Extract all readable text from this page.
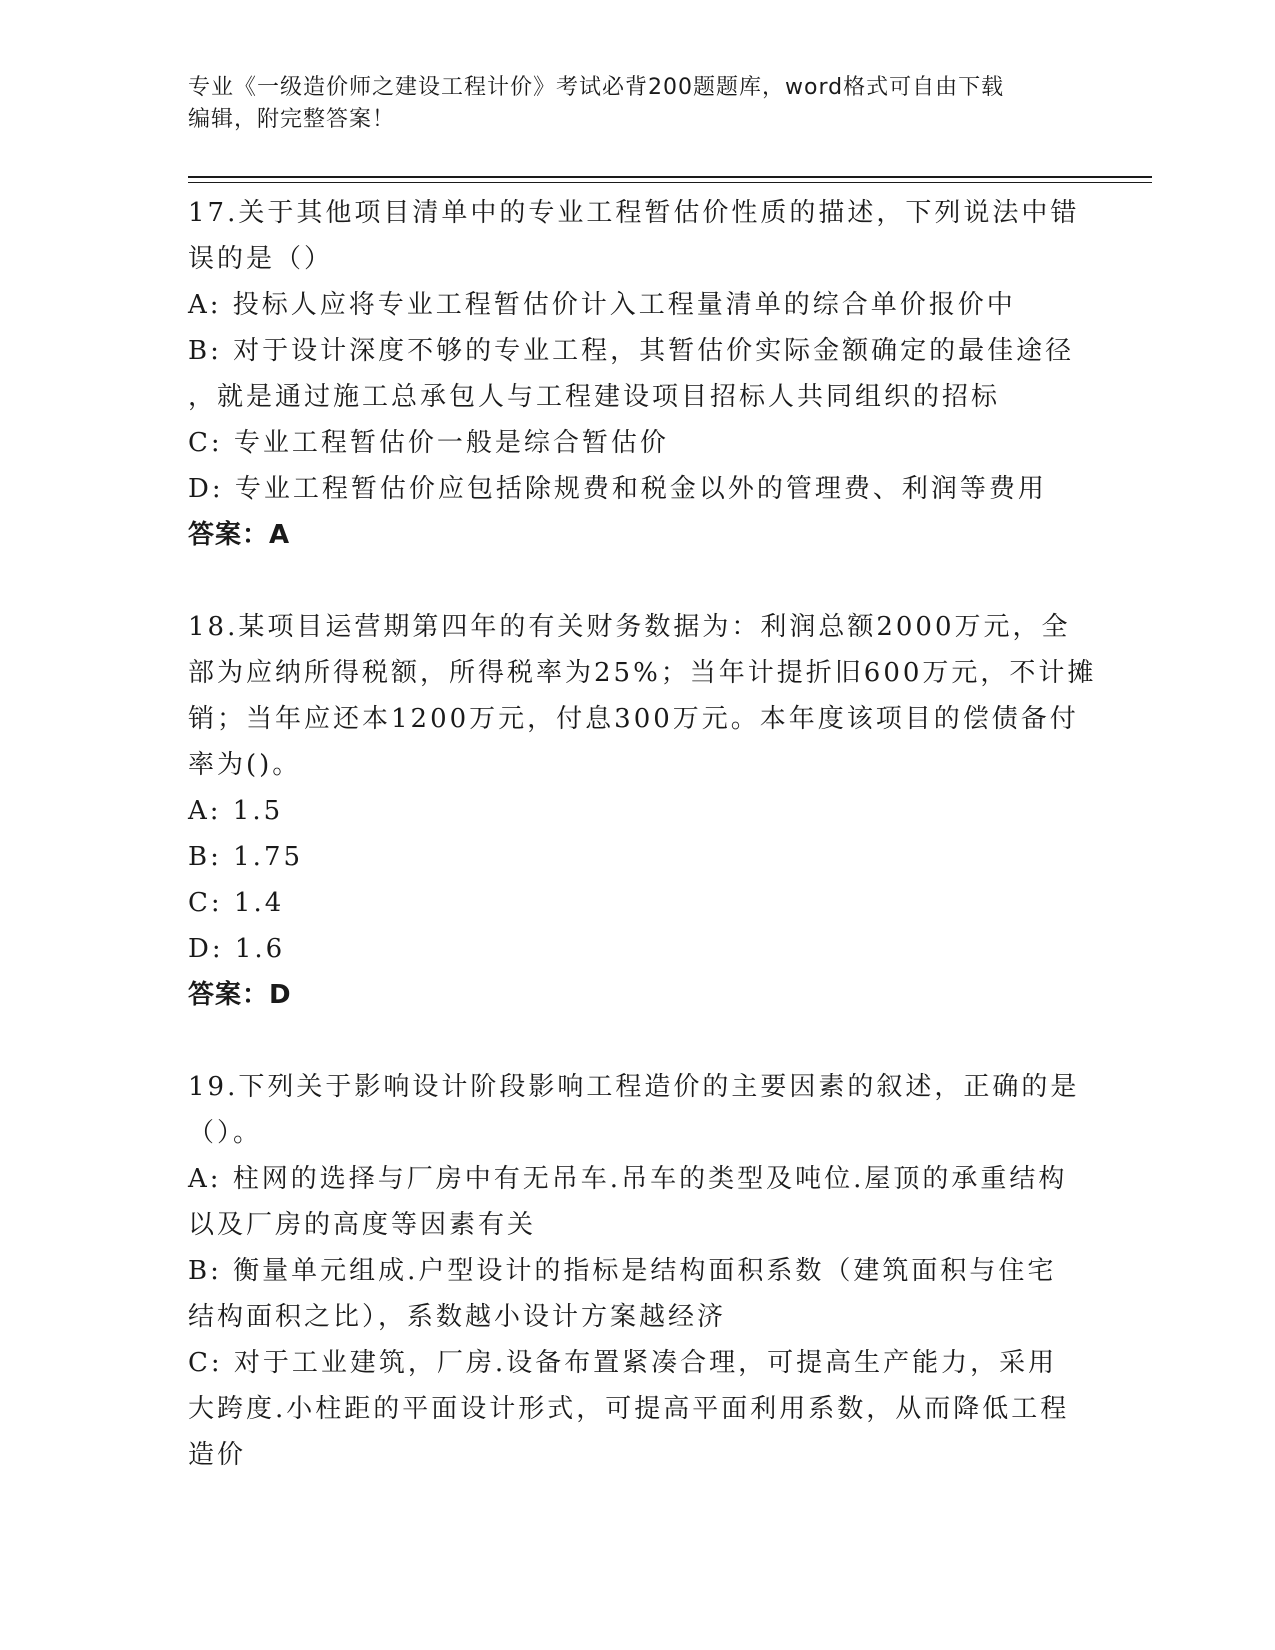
专业《一级造价师之建设工程计价》考试必背200题题库，word格式可自由下载
编辑，附完整答案！
17.关于其他项目清单中的专业工程暂估价性质的描述，下列说法中错
误的是（）
A: 投标人应将专业工程暂估价计入工程量清单的综合单价报价中
B: 对于设计深度不够的专业工程，其暂估价实际金额确定的最佳途径
，就是通过施工总承包人与工程建设项目招标人共同组织的招标
C: 专业工程暂估价一般是综合暂估价
D: 专业工程暂估价应包括除规费和税金以外的管理费、利润等费用
答案：A
18.某项目运营期第四年的有关财务数据为：利润总额2000万元，全
部为应纳所得税额，所得税率为25%；当年计提折旧600万元，不计摊
销；当年应还本1200万元，付息300万元。本年度该项目的偿债备付
率为()。
A: 1.5
B: 1.75
C: 1.4
D: 1.6
答案：D
19.下列关于影响设计阶段影响工程造价的主要因素的叙述，正确的是
（）。
A: 柱网的选择与厂房中有无吊车.吊车的类型及吨位.屋顶的承重结构
以及厂房的高度等因素有关
B: 衡量单元组成.户型设计的指标是结构面积系数（建筑面积与住宅
结构面积之比），系数越小设计方案越经济
C: 对于工业建筑，厂房.设备布置紧凑合理，可提高生产能力，采用
大跨度.小柱距的平面设计形式，可提高平面利用系数，从而降低工程
造价
